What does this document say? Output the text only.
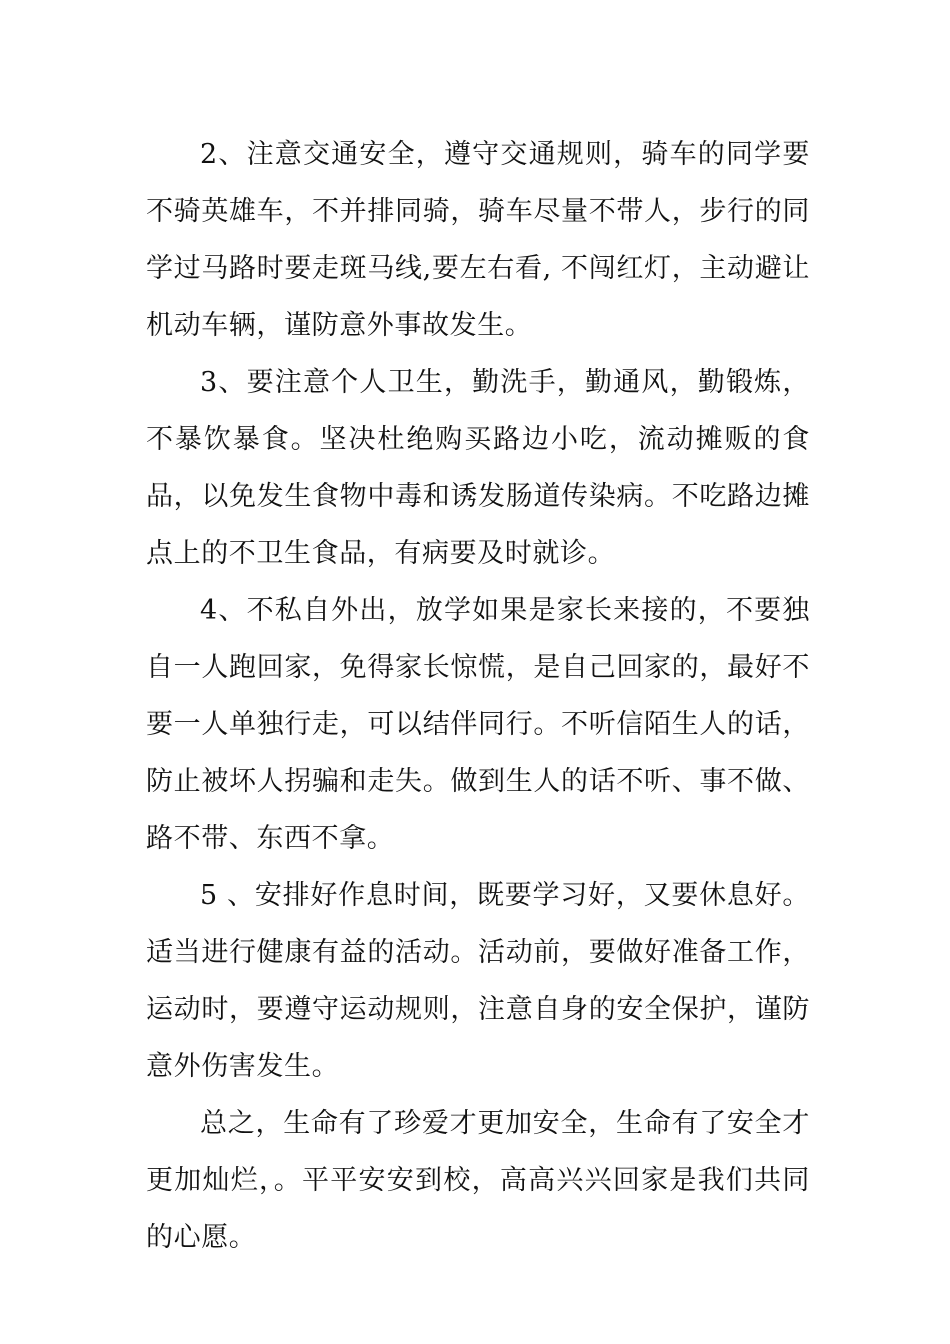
2、注意交通安全，遵守交通规则，骑车的同学要不骑英雄车，不并排同骑，骑车尽量不带人，步行的同学过马路时要走斑马线,要左右看, 不闯红灯，主动避让机动车辆，谨防意外事故发生。

3、要注意个人卫生，勤洗手，勤通风，勤锻炼，不暴饮暴食。坚决杜绝购买路边小吃，流动摊贩的食品，以免发生食物中毒和诱发肠道传染病。不吃路边摊点上的不卫生食品，有病要及时就诊。

4、不私自外出，放学如果是家长来接的，不要独自一人跑回家，免得家长惊慌，是自己回家的，最好不要一人单独行走，可以结伴同行。不听信陌生人的话，防止被坏人拐骗和走失。做到生人的话不听、事不做、路不带、东西不拿。

5 、安排好作息时间，既要学习好，又要休息好。适当进行健康有益的活动。活动前，要做好准备工作，运动时，要遵守运动规则，注意自身的安全保护，谨防意外伤害发生。

总之，生命有了珍爱才更加安全，生命有了安全才更加灿烂，。平平安安到校，高高兴兴回家是我们共同的心愿。
